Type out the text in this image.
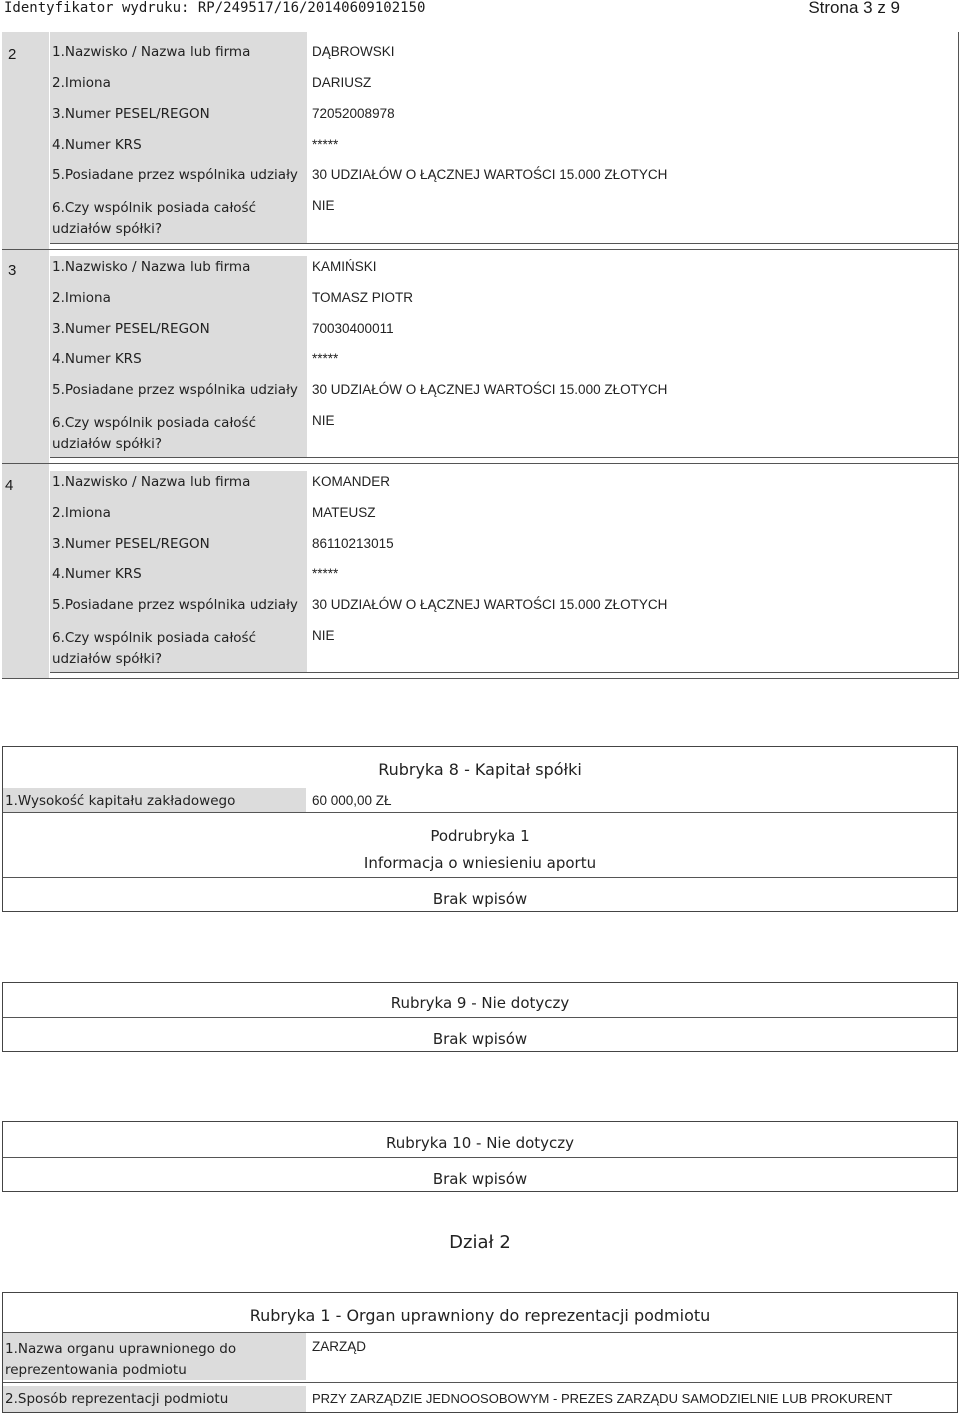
Identyfikator wydruku: RP/249517/16/20140609102150	Strona 3 z 9
2	1.Nazwisko / Nazwa lub firma	DĄBROWSKI
2.Imiona	DARIUSZ
3.Numer PESEL/REGON	72052008978
4.Numer KRS	*****
5.Posiadane przez wspólnika udziały 30 UDZIAŁÓW O ŁĄCZNEJ WARTOŚCI 15.000 ZŁOTYCH
6.Czy wspólnik posiada całość udziałów spółki?
NIE
3	1.Nazwisko / Nazwa lub firma	KAMIŃSKI
2.Imiona	TOMASZ PIOTR
3.Numer PESEL/REGON	70030400011
4.Numer KRS	*****
5.Posiadane przez wspólnika udziały 30 UDZIAŁÓW O ŁĄCZNEJ WARTOŚCI 15.000 ZŁOTYCH
6.Czy wspólnik posiada całość udziałów spółki?
NIE
4	1.Nazwisko / Nazwa lub firma	KOMANDER
2.Imiona	MATEUSZ
3.Numer PESEL/REGON	86110213015
4.Numer KRS	*****
5.Posiadane przez wspólnika udziały 30 UDZIAŁÓW O ŁĄCZNEJ WARTOŚCI 15.000 ZŁOTYCH
6.Czy wspólnik posiada całość udziałów spółki?
NIE
Rubryka 8 - Kapitał spółki
1.Wysokość kapitału zakładowego	60 000,00 ZŁ
Podrubryka 1
Informacja o wniesieniu aportu
Brak wpisów
Rubryka 9 - Nie dotyczy
Brak wpisów
Rubryka 10 - Nie dotyczy
Brak wpisów
Dział 2
Rubryka 1 - Organ uprawniony do reprezentacji podmiotu
1.Nazwa organu uprawnionego do reprezentowania podmiotu
ZARZĄD
2.Sposób reprezentacji podmiotu	PRZY ZARZĄDZIE JEDNOOSOBOWYM - PREZES ZARZĄDU SAMODZIELNIE LUB PROKURENT
